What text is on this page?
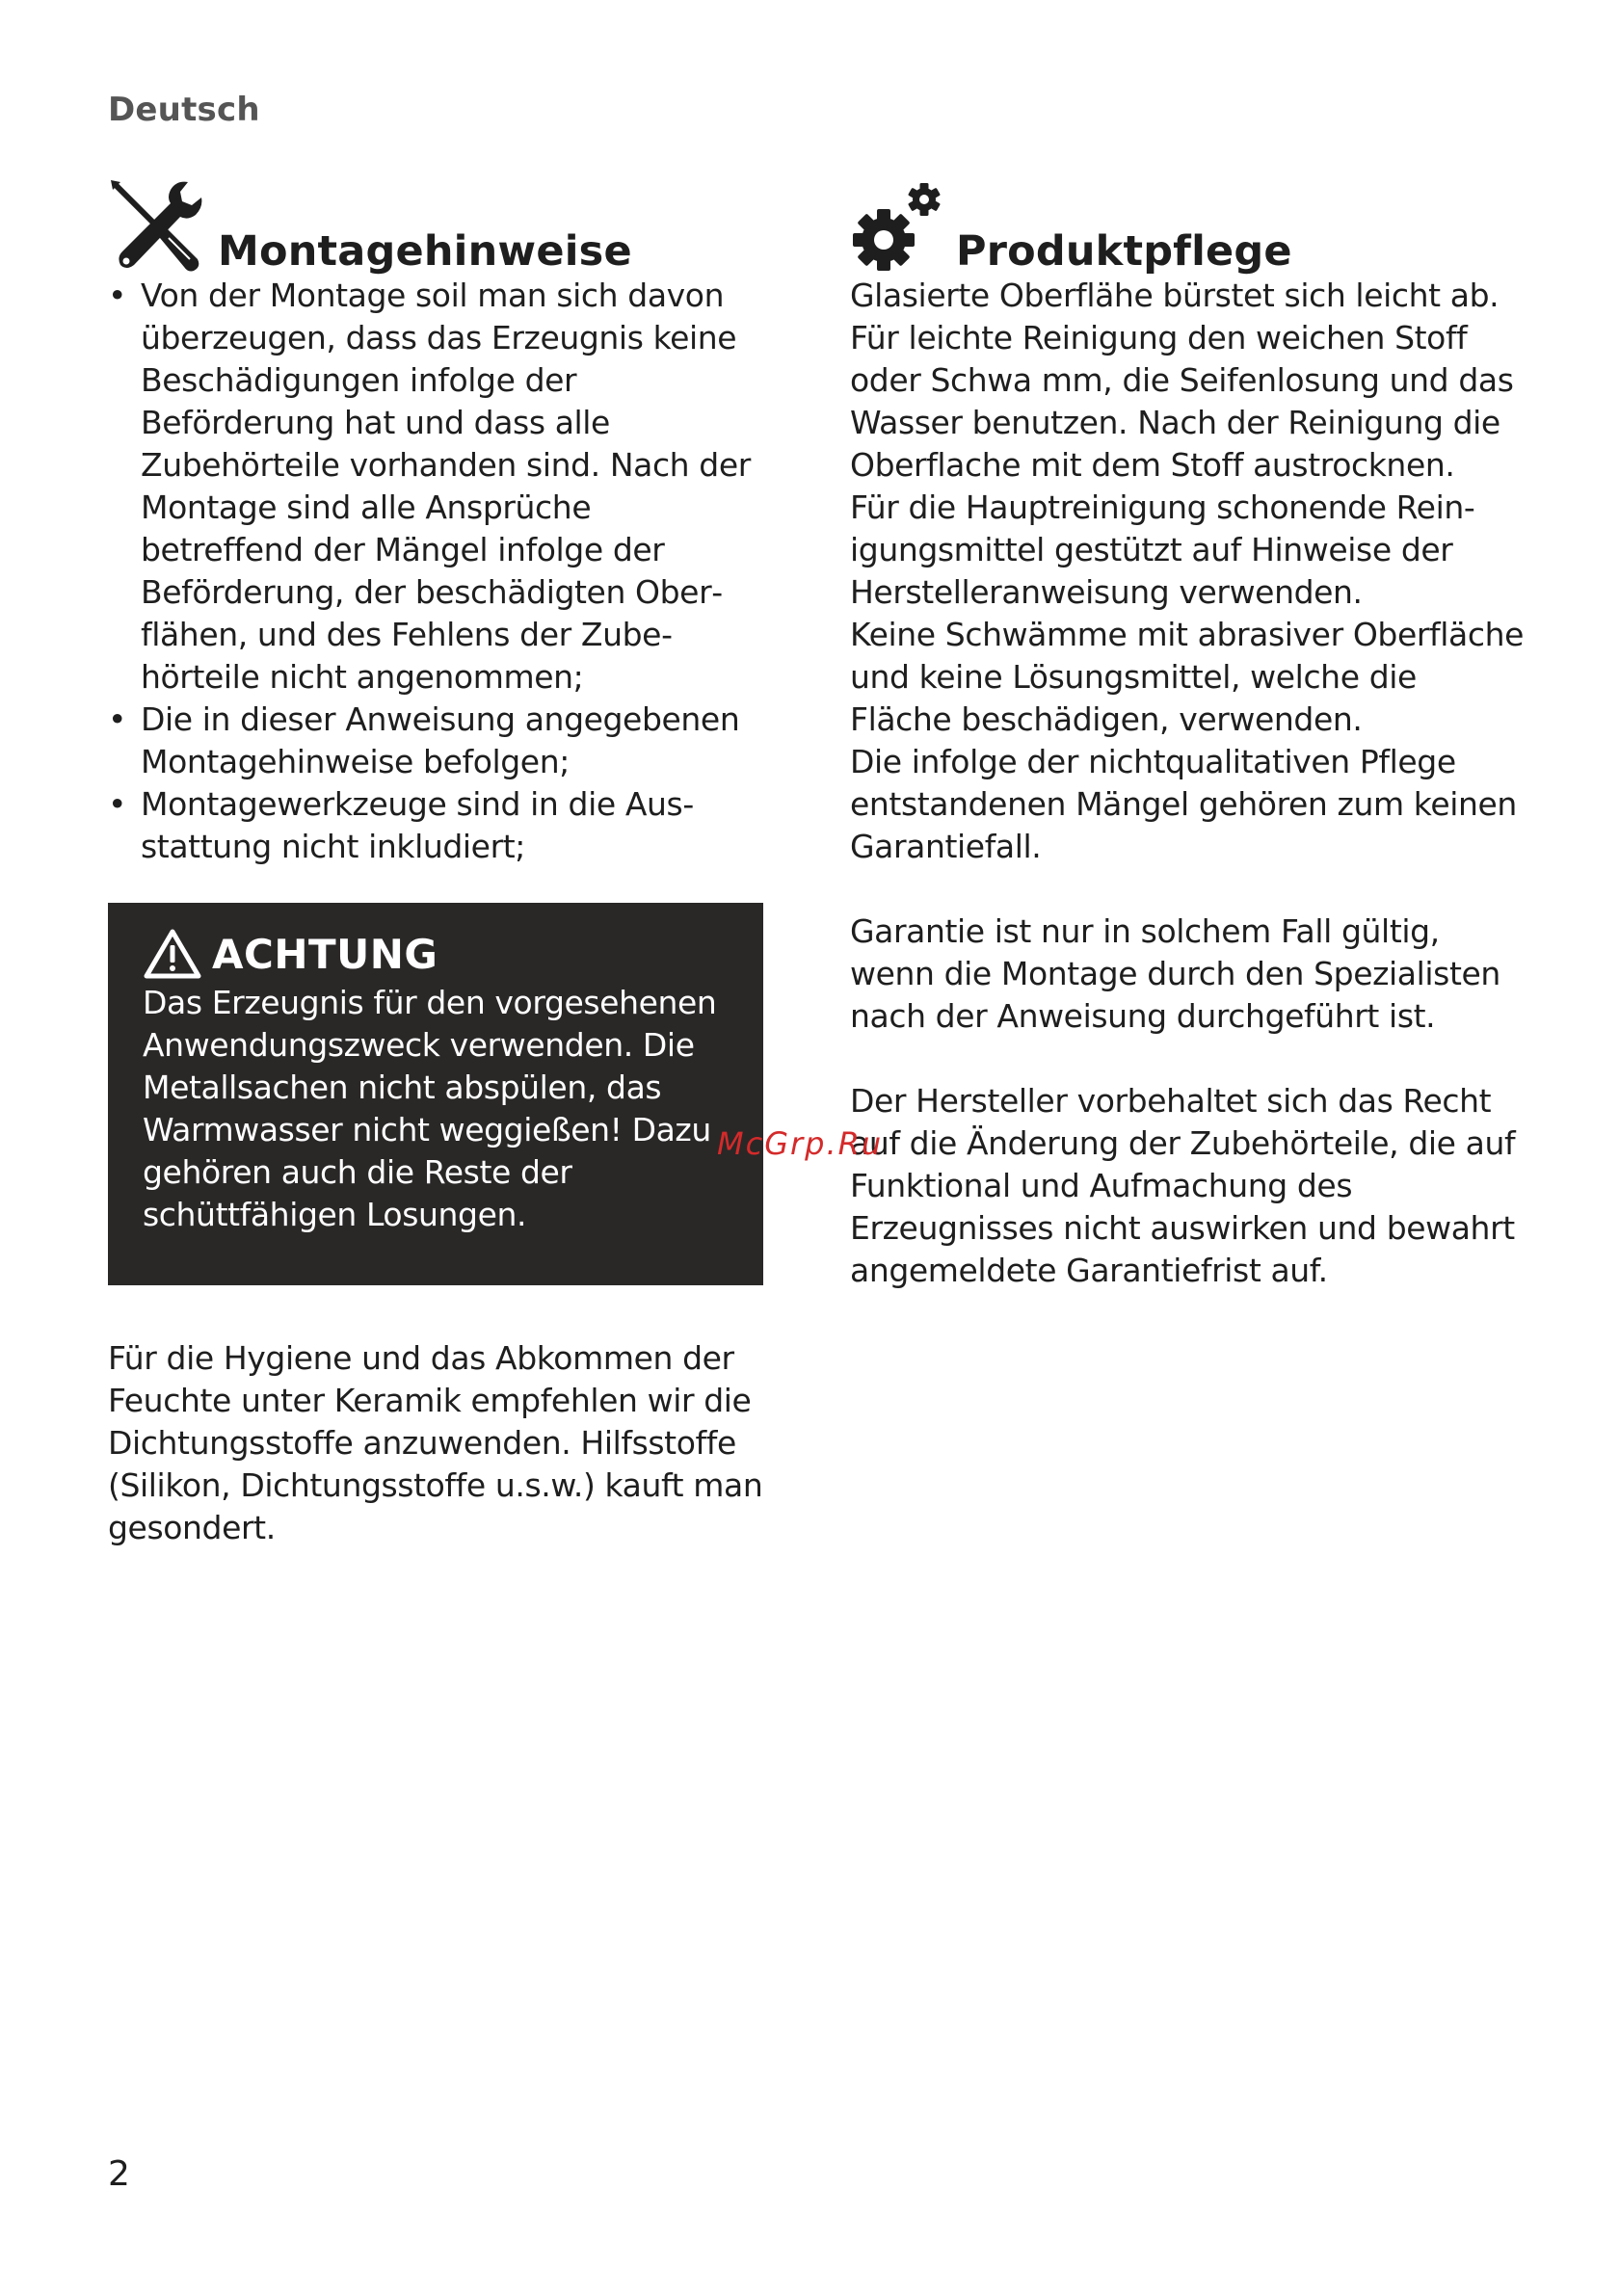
Deutsch
Montagehinweise
• Von der Montage soil man sich davon überzeugen, dass das Erzeugnis keine Beschädigungen infolge der Beförderung hat und dass alle Zubehörteile vorhanden sind. Nach der Montage sind alle Ansprüche betreffend der Mängel infolge der Beförderung, der beschädigten Oberflähen, und des Fehlens der Zubehörteile nicht angenommen;
• Die in dieser Anweisung angegebenen Montagehinweise befolgen;
• Montagewerkzeuge sind in die Ausstattung nicht inkludiert;
ACHTUNG

Das Erzeugnis für den vorgesehenen Anwendungszweck verwenden. Die Metallsachen nicht abspülen, das Warmwasser nicht weggießen! Dazu gehören auch die Reste der schüttfähigen Losungen.

Für die Hygiene und das Abkommen der Feuchte unter Keramik empfehlen wir die Dichtungsstoffe anzuwenden. Hilfsstoffe (Silikon, Dichtungsstoffe u.s.w.) kauft man gesondert.

Produktpflege

Glasierte Oberflähe bürstet sich leicht ab. Für leichte Reinigung den weichen Stoff oder Schwa mm, die Seifenlosung und das Wasser benutzen. Nach der Reinigung die Oberflache mit dem Stoff austrocknen.

Für die Hauptreinigung schonende Reinigungsmittel gestützt auf Hinweise der Herstelleranweisung verwenden.

Keine Schwämme mit abrasiver Oberfläche und keine Lösungsmittel, welche die Fläche beschädigen, verwenden.

Die infolge der nichtqualitativen Pflege entstandenen Mängel gehören zum keinen Garantiefall.

Garantie ist nur in solchem Fall gültig, wenn die Montage durch den Spezialisten nach der Anweisung durchgeführt ist.

Der Hersteller vorbehaltet sich das Recht auf die Änderung der Zubehörteile, die auf Funktional und Aufmachung des Erzeugnisses nicht auswirken und bewahrt angemeldete Garantiefrist auf.

McGrp.Ru
2
